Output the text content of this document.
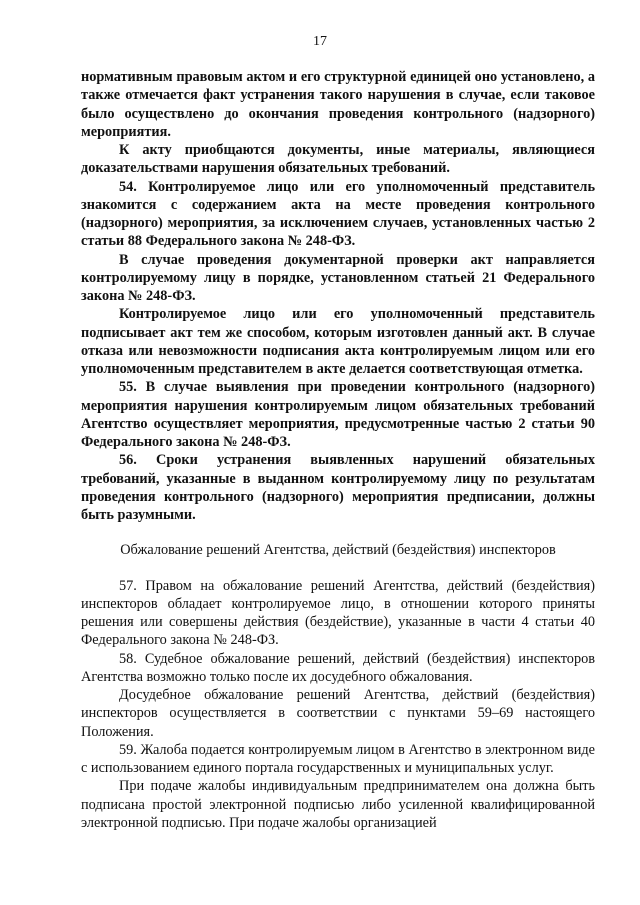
17

нормативным правовым актом и его структурной единицей оно установлено, а также отмечается факт устранения такого нарушения в случае, если таковое было осуществлено до окончания проведения контрольного (надзорного) мероприятия.

К акту приобщаются документы, иные материалы, являющиеся доказательствами нарушения обязательных требований.

54. Контролируемое лицо или его уполномоченный представитель знакомится с содержанием акта на месте проведения контрольного (надзорного) мероприятия, за исключением случаев, установленных частью 2 статьи 88 Федерального закона № 248-ФЗ.

В случае проведения документарной проверки акт направляется контролируемому лицу в порядке, установленном статьей 21 Федерального закона № 248-ФЗ.

Контролируемое лицо или его уполномоченный представитель подписывает акт тем же способом, которым изготовлен данный акт. В случае отказа или невозможности подписания акта контролируемым лицом или его уполномоченным представителем в акте делается соответствующая отметка.

55. В случае выявления при проведении контрольного (надзорного) мероприятия нарушения контролируемым лицом обязательных требований Агентство осуществляет мероприятия, предусмотренные частью 2 статьи 90 Федерального закона № 248-ФЗ.

56. Сроки устранения выявленных нарушений обязательных требований, указанные в выданном контролируемому лицу по результатам проведения контрольного (надзорного) мероприятия предписании, должны быть разумными.

Обжалование решений Агентства, действий (бездействия) инспекторов

57. Правом на обжалование решений Агентства, действий (бездействия) инспекторов обладает контролируемое лицо, в отношении которого приняты решения или совершены действия (бездействие), указанные в части 4 статьи 40 Федерального закона № 248-ФЗ.

58. Судебное обжалование решений, действий (бездействия) инспекторов Агентства возможно только после их досудебного обжалования.

Досудебное обжалование решений Агентства, действий (бездействия) инспекторов осуществляется в соответствии с пунктами 59–69 настоящего Положения.

59. Жалоба подается контролируемым лицом в Агентство в электронном виде с использованием единого портала государственных и муниципальных услуг.

При подаче жалобы индивидуальным предпринимателем она должна быть подписана простой электронной подписью либо усиленной квалифицированной электронной подписью. При подаче жалобы организацией
